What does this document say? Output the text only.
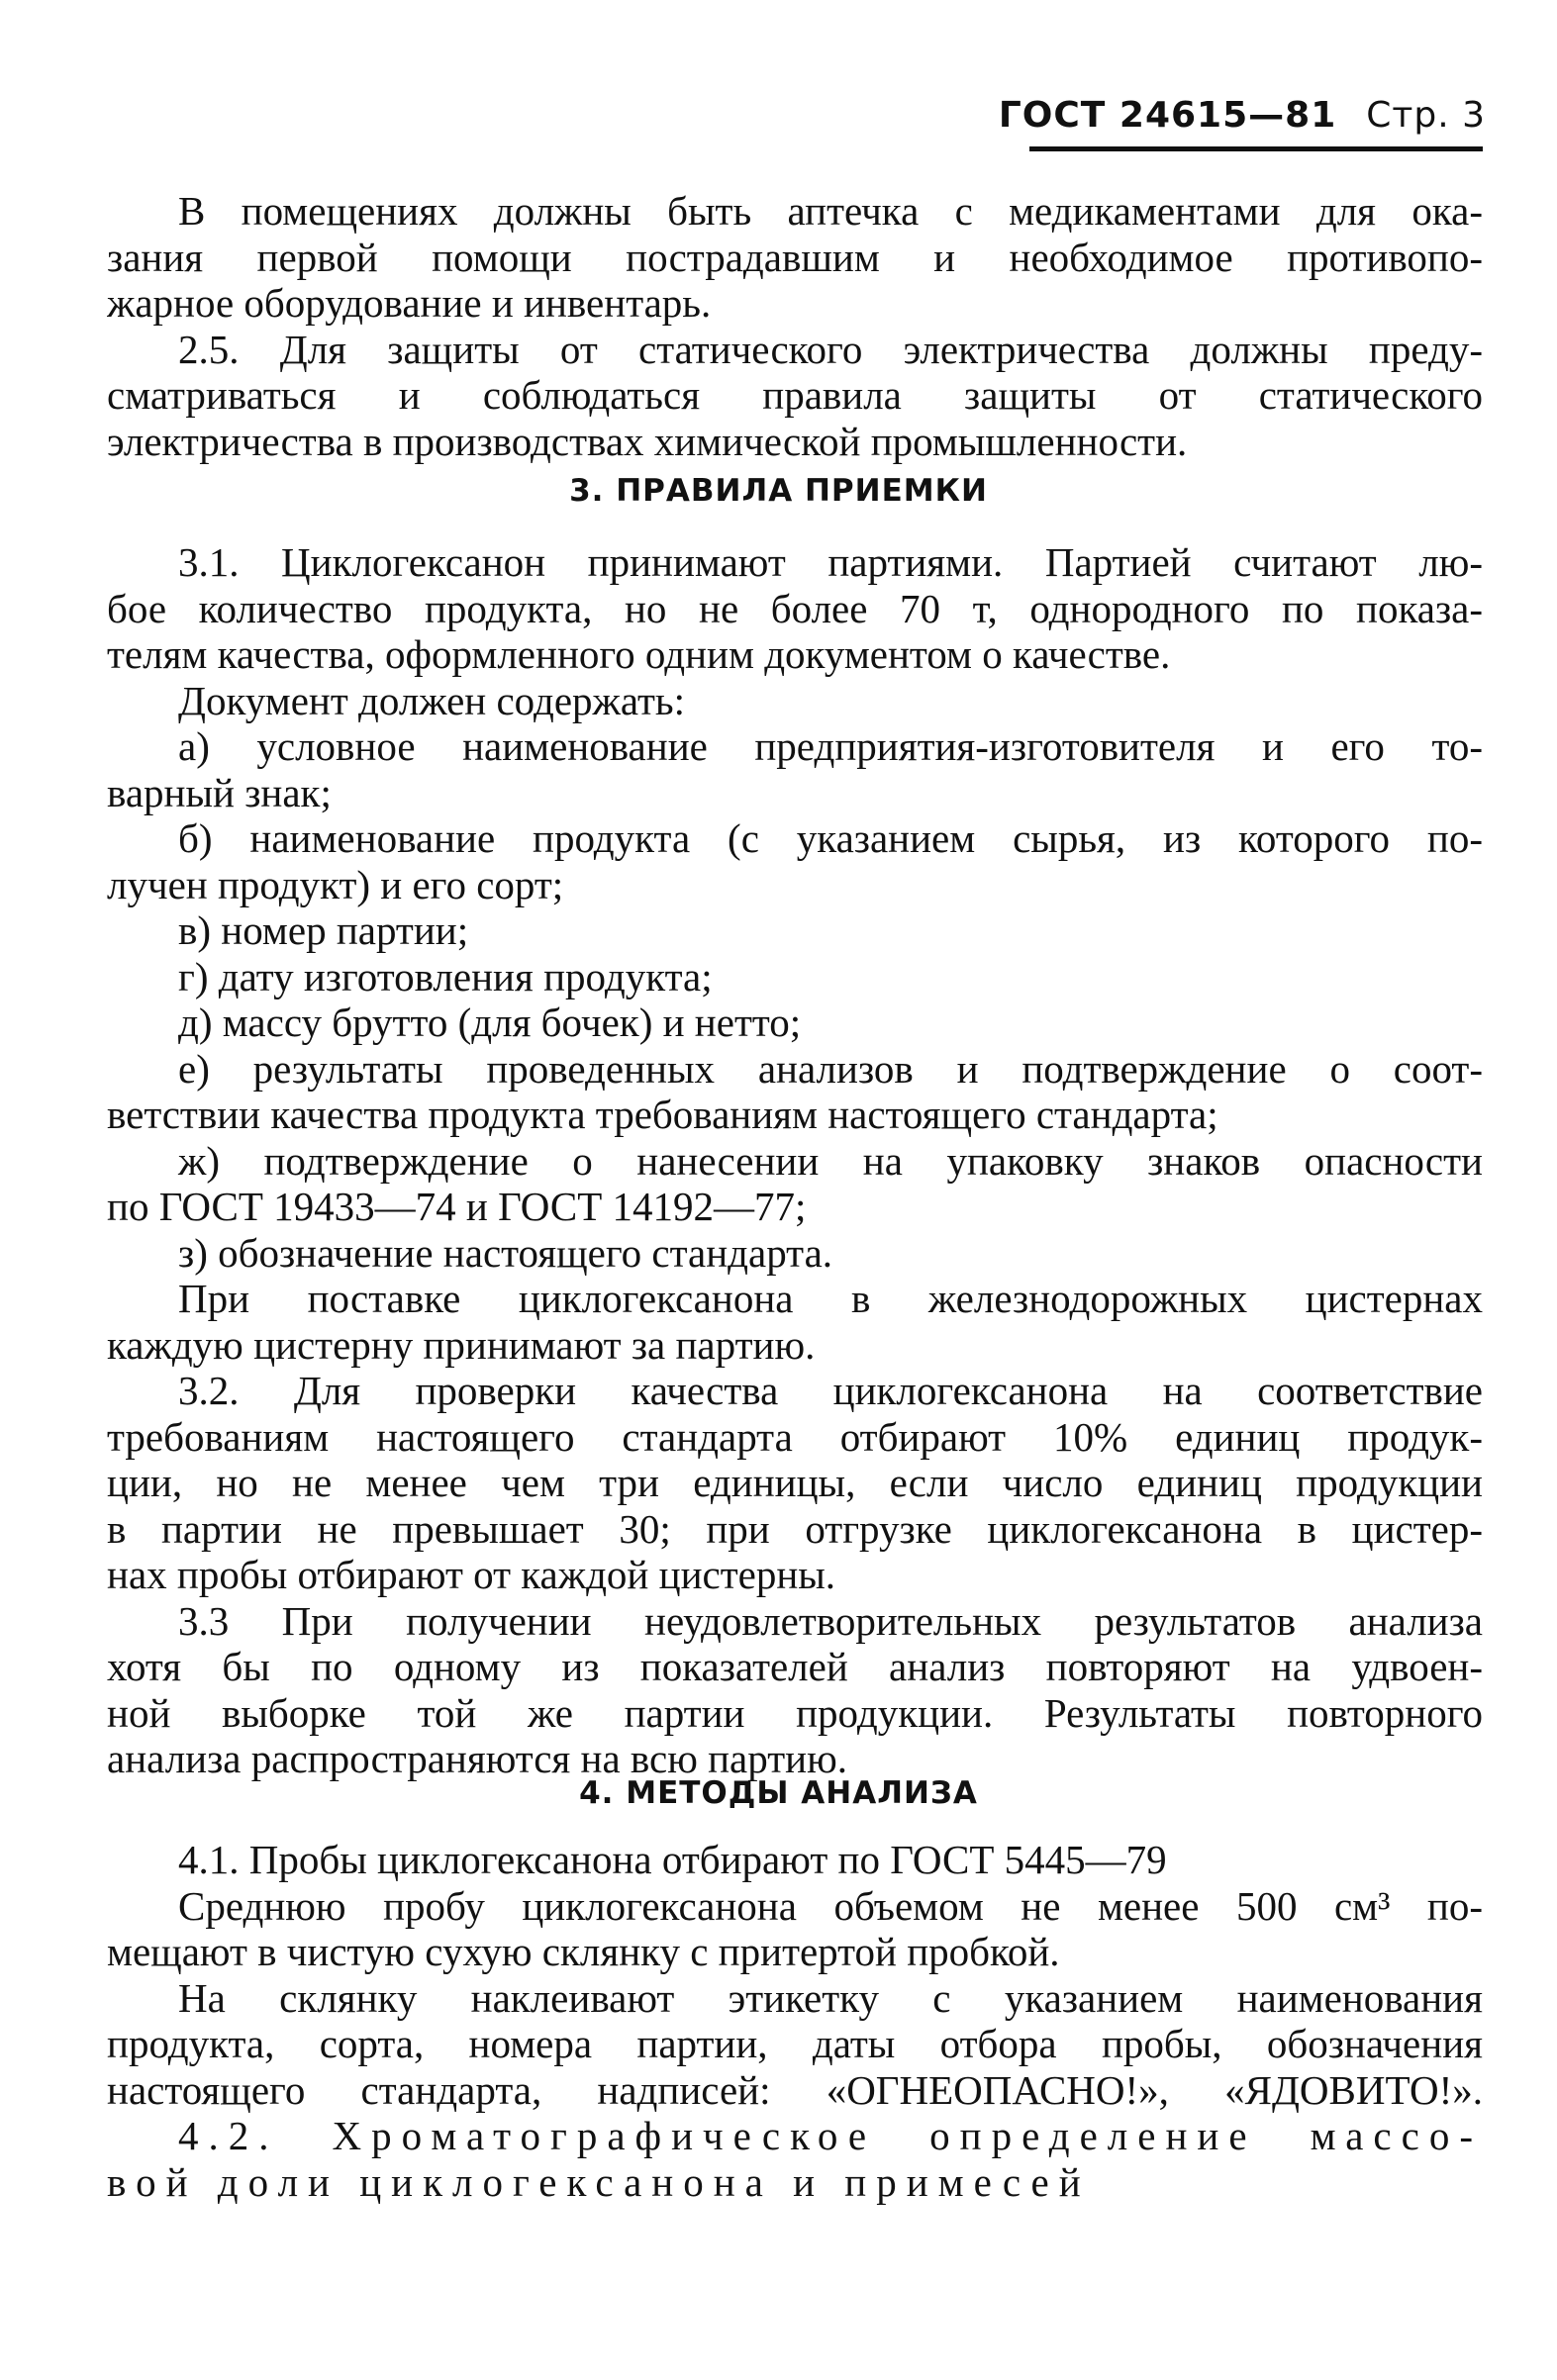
ГОСТ 24615—81 Стр. 3
В помещениях должны быть аптечка с медикаментами для ока-
зания первой помощи пострадавшим и необходимое противопо-
жарное оборудование и инвентарь.
2.5. Для защиты от статического электричества должны преду-
сматриваться и соблюдаться правила защиты от статического
электричества в производствах химической промышленности.
3. ПРАВИЛА ПРИЕМКИ
3.1. Циклогексанон принимают партиями. Партией считают лю-
бое количество продукта, но не более 70 т, однородного по показа-
телям качества, оформленного одним документом о качестве.
Документ должен содержать:
а) условное наименование предприятия-изготовителя и его то-
варный знак;
б) наименование продукта (с указанием сырья, из которого по-
лучен продукт) и его сорт;
в) номер партии;
г) дату изготовления продукта;
д) массу брутто (для бочек) и нетто;
е) результаты проведенных анализов и подтверждение о соот-
ветствии качества продукта требованиям настоящего стандарта;
ж) подтверждение о нанесении на упаковку знаков опасности
по ГОСТ 19433—74 и ГОСТ 14192—77;
з) обозначение настоящего стандарта.
При поставке циклогексанона в железнодорожных цистернах
каждую цистерну принимают за партию.
3.2. Для проверки качества циклогексанона на соответствие
требованиям настоящего стандарта отбирают 10% единиц продук-
ции, но не менее чем три единицы, если число единиц продукции
в партии не превышает 30; при отгрузке циклогексанона в цистер-
нах пробы отбирают от каждой цистерны.
3.3 При получении неудовлетворительных результатов анализа
хотя бы по одному из показателей анализ повторяют на удвоен-
ной выборке той же партии продукции. Результаты повторного
анализа распространяются на всю партию.
4. МЕТОДЫ АНАЛИЗА
4.1. Пробы циклогексанона отбирают по ГОСТ 5445—79
Среднюю пробу циклогексанона объемом не менее 500 см³ по-
мещают в чистую сухую склянку с притертой пробкой.
На склянку наклеивают этикетку с указанием наименования
продукта, сорта, номера партии, даты отбора пробы, обозначения
настоящего стандарта, надписей: «ОГНЕОПАСНО!», «ЯДОВИТО!».
4.2. Хроматографическое определение массо-
вой доли циклогексанона и примесей
